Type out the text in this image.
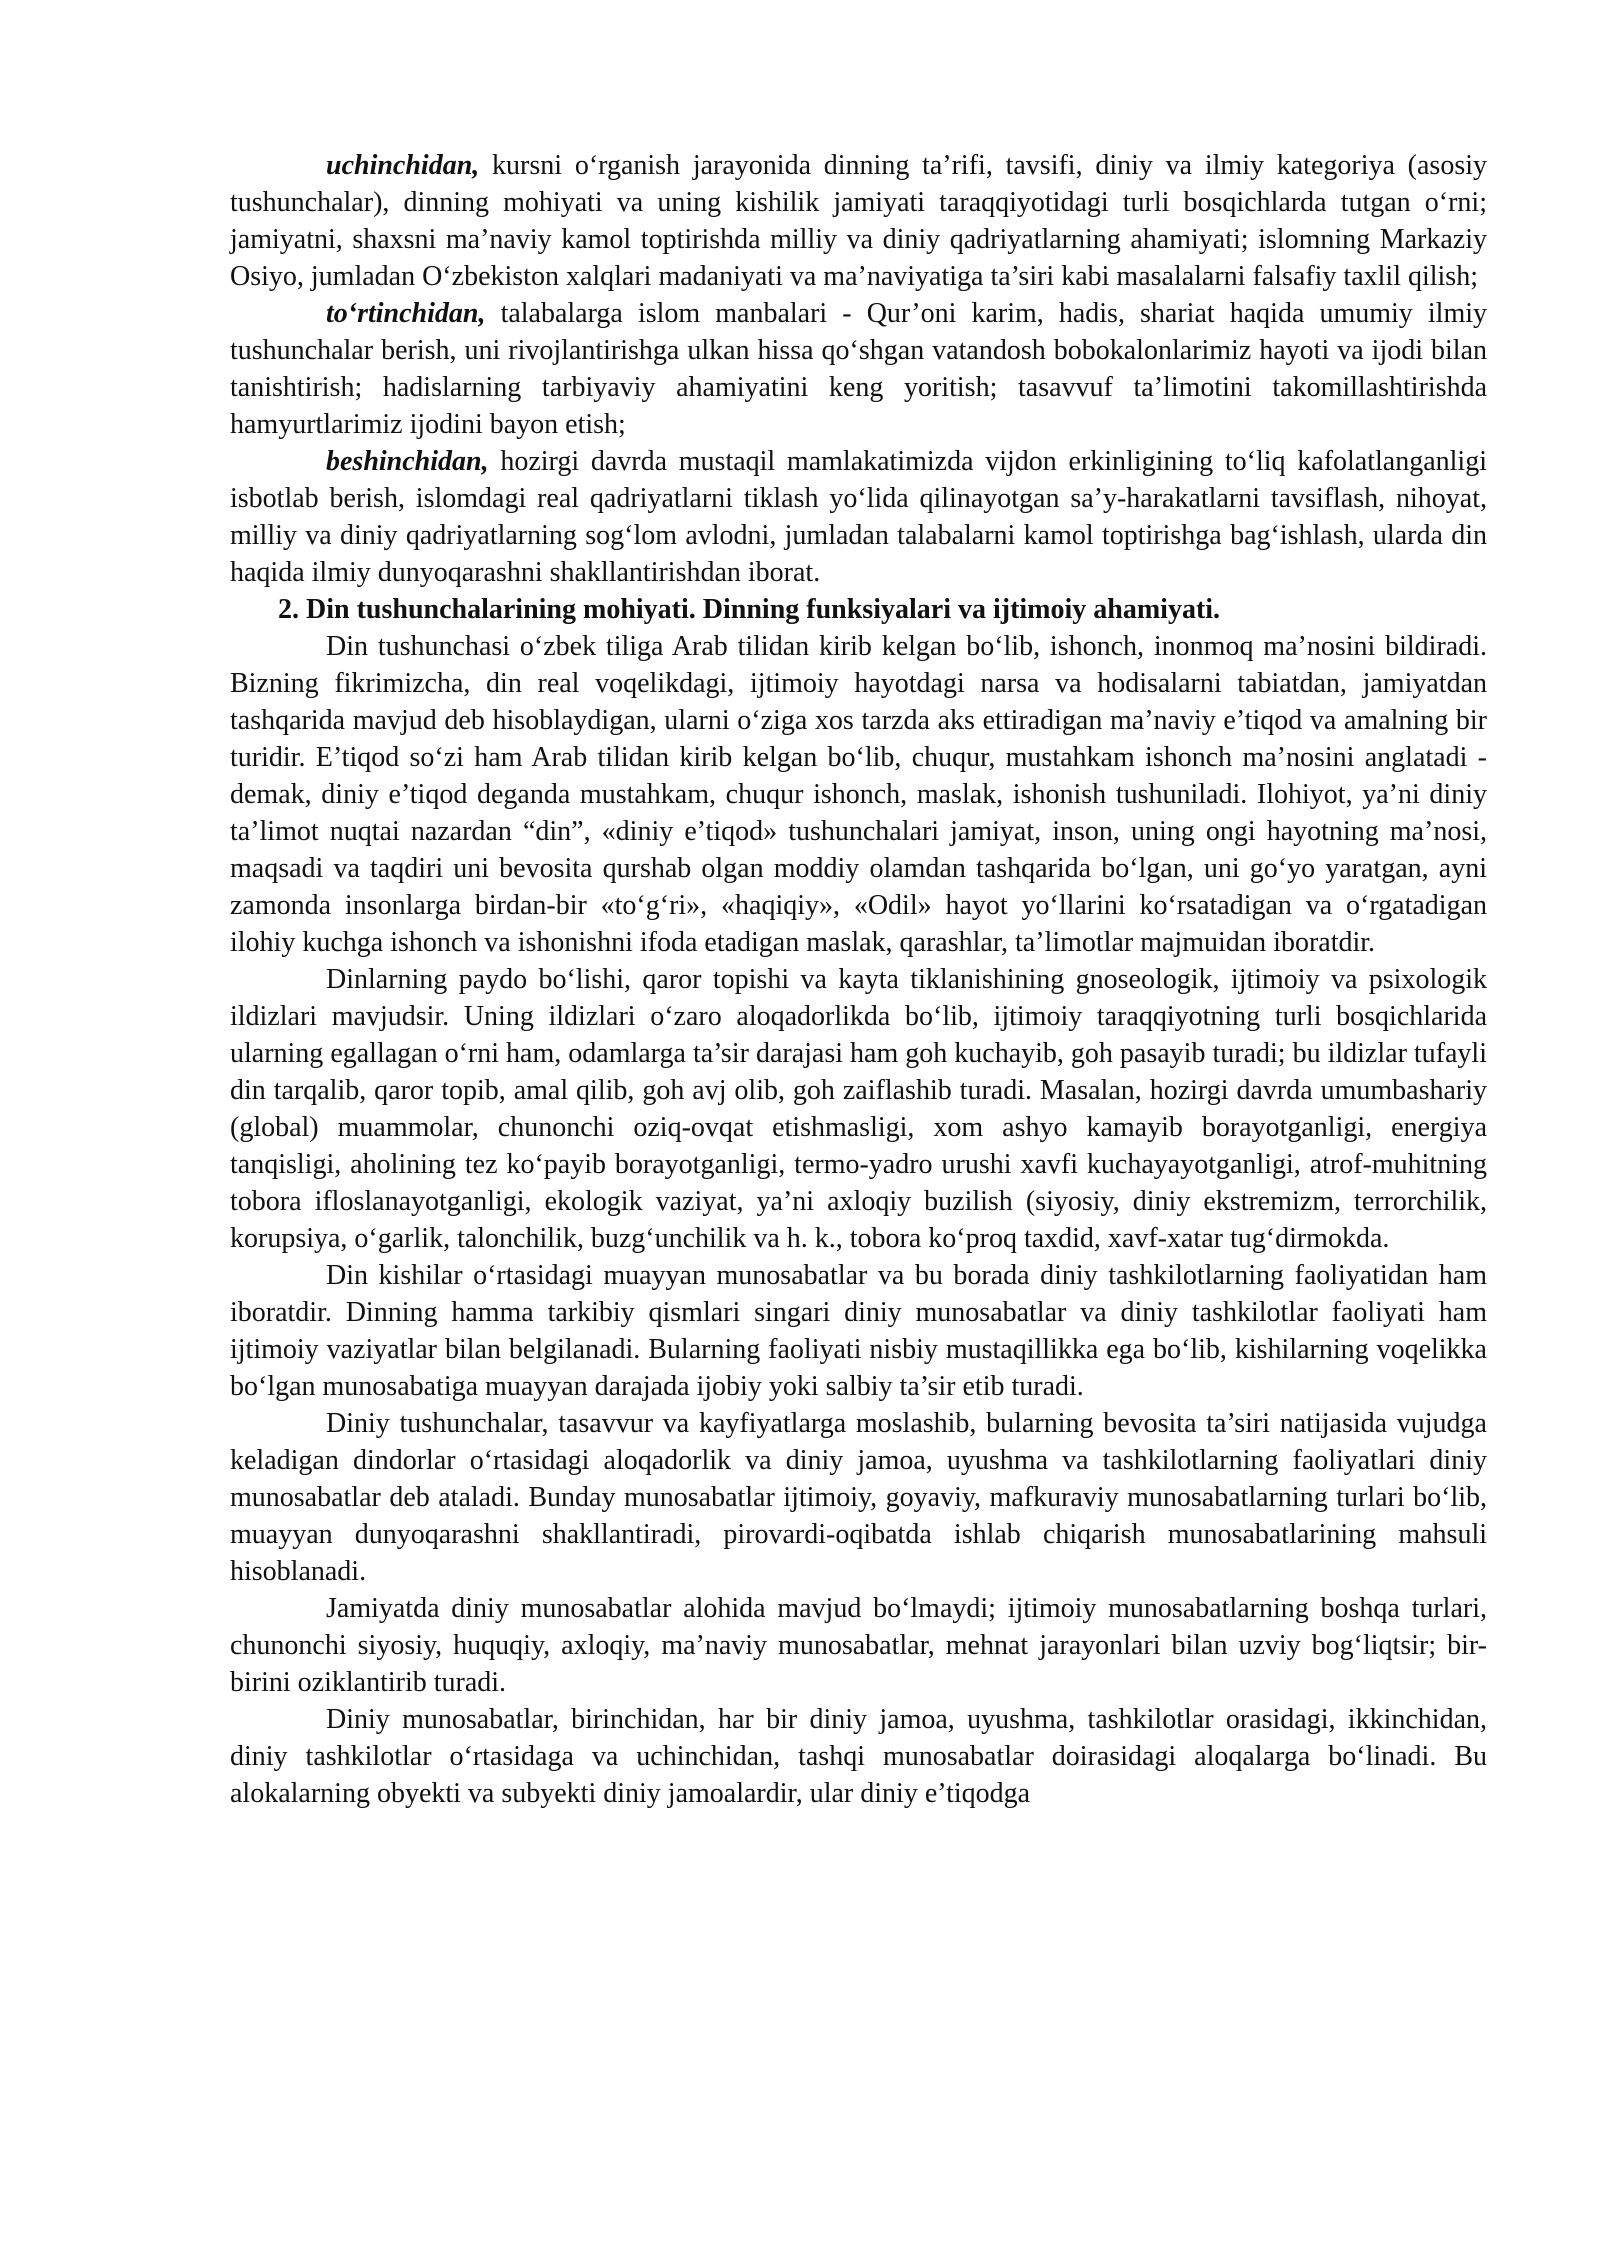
uchinchidan, kursni o‘rganish jarayonida dinning ta’rifi, tavsifi, diniy va ilmiy kategoriya (asosiy tushunchalar), dinning mohiyati va uning kishilik jamiyati taraqqiyotidagi turli bosqichlarda tutgan o‘rni; jamiyatni, shaxsni ma’naviy kamol toptirishda milliy va diniy qadriyatlarning ahamiyati; islomning Markaziy Osiyo, jumladan O‘zbekiston xalqlari madaniyati va ma’naviyatiga ta’siri kabi masalalarni falsafiy taxlil qilish;

to‘rtinchidan, talabalarga islom manbalari - Qur’oni karim, hadis, shariat haqida umumiy ilmiy tushunchalar berish, uni rivojlantirishga ulkan hissa qo‘shgan vatandosh bobokalonlarimiz hayoti va ijodi bilan tanishtirish; hadislarning tarbiyaviy ahamiyatini keng yoritish; tasavvuf ta’limotini takomillashtirishda hamyurtlarimiz ijodini bayon etish;

beshinchidan, hozirgi davrda mustaqil mamlakatimizda vijdon erkinligining to‘liq kafolatlanganligi isbotlab berish, islomdagi real qadriyatlarni tiklash yo‘lida qilinayotgan sa’y-harakatlarni tavsiflash, nihoyat, milliy va diniy qadriyatlarning sog‘lom avlodni, jumladan talabalarni kamol toptirishga bag‘ishlash, ularda din haqida ilmiy dunyoqarashni shakllantirishdan iborat.

2. Din tushunchalarining mohiyati. Dinning funksiyalari va ijtimoiy ahamiyati.

Din tushunchasi o‘zbek tiliga Arab tilidan kirib kelgan bo‘lib, ishonch, inonmoq ma’nosini bildiradi. Bizning fikrimizcha, din real voqelikdagi, ijtimoiy hayotdagi narsa va hodisalarni tabiatdan, jamiyatdan tashqarida mavjud deb hisoblaydigan, ularni o‘ziga xos tarzda aks ettiradigan ma’naviy e’tiqod va amalning bir turidir. E’tiqod so‘zi ham Arab tilidan kirib kelgan bo‘lib, chuqur, mustahkam ishonch ma’nosini anglatadi - demak, diniy e’tiqod deganda mustahkam, chuqur ishonch, maslak, ishonish tushuniladi. Ilohiyot, ya’ni diniy ta’limot nuqtai nazardan “din”, «diniy e’tiqod» tushunchalari jamiyat, inson, uning ongi hayotning ma’nosi, maqsadi va taqdiri uni bevosita qurshab olgan moddiy olamdan tashqarida bo‘lgan, uni go‘yo yaratgan, ayni zamonda insonlarga birdan-bir «to‘g‘ri», «haqiqiy», «Odil» hayot yo‘llarini ko‘rsatadigan va o‘rgatadigan ilohiy kuchga ishonch va ishonishni ifoda etadigan maslak, qarashlar, ta’limotlar majmuidan iboratdir.

Dinlarning paydo bo‘lishi, qaror topishi va kayta tiklanishining gnoseologik, ijtimoiy va psixologik ildizlari mavjudsir. Uning ildizlari o‘zaro aloqadorlikda bo‘lib, ijtimoiy taraqqiyotning turli bosqichlarida ularning egallagan o‘rni ham, odamlarga ta’sir darajasi ham goh kuchayib, goh pasayib turadi; bu ildizlar tufayli din tarqalib, qaror topib, amal qilib, goh avj olib, goh zaiflashib turadi. Masalan, hozirgi davrda umumbashariy (global) muammolar, chunonchi oziq-ovqat etishmasligi, xom ashyo kamayib borayotganligi, energiya tanqisligi, aholining tez ko‘payib borayotganligi, termo-yadro urushi xavfi kuchayayotganligi, atrof-muhitning tobora ifloslanayotganligi, ekologik vaziyat, ya’ni axloqiy buzilish (siyosiy, diniy ekstremizm, terrorchilik, korupsiya, o‘garlik, talonchilik, buzg‘unchilik va h. k., tobora ko‘proq taxdid, xavf-xatar tug‘dirmokda.

Din kishilar o‘rtasidagi muayyan munosabatlar va bu borada diniy tashkilotlarning faoliyatidan ham iboratdir. Dinning hamma tarkibiy qismlari singari diniy munosabatlar va diniy tashkilotlar faoliyati ham ijtimoiy vaziyatlar bilan belgilanadi. Bularning faoliyati nisbiy mustaqillikka ega bo‘lib, kishilarning voqelikka bo‘lgan munosabatiga muayyan darajada ijobiy yoki salbiy ta’sir etib turadi.

Diniy tushunchalar, tasavvur va kayfiyatlarga moslashib, bularning bevosita ta’siri natijasida vujudga keladigan dindorlar o‘rtasidagi aloqadorlik va diniy jamoa, uyushma va tashkilotlarning faoliyatlari diniy munosabatlar deb ataladi. Bunday munosabatlar ijtimoiy, goyaviy, mafkuraviy munosabatlarning turlari bo‘lib, muayyan dunyoqarashni shakllantiradi, pirovardi-oqibatda ishlab chiqarish munosabatlarining mahsuli hisoblanadi.

Jamiyatda diniy munosabatlar alohida mavjud bo‘lmaydi; ijtimoiy munosabatlarning boshqa turlari, chunonchi siyosiy, huquqiy, axloqiy, ma’naviy munosabatlar, mehnat jarayonlari bilan uzviy bog‘liqtsir; bir-birini oziklantirib turadi.

Diniy munosabatlar, birinchidan, har bir diniy jamoa, uyushma, tashkilotlar orasidagi, ikkinchidan, diniy tashkilotlar o‘rtasidaga va uchinchidan, tashqi munosabatlar doirasidagi aloqalarga bo‘linadi. Bu alokalarning obyekti va subyekti diniy jamoalardir, ular diniy e’tiqodga
